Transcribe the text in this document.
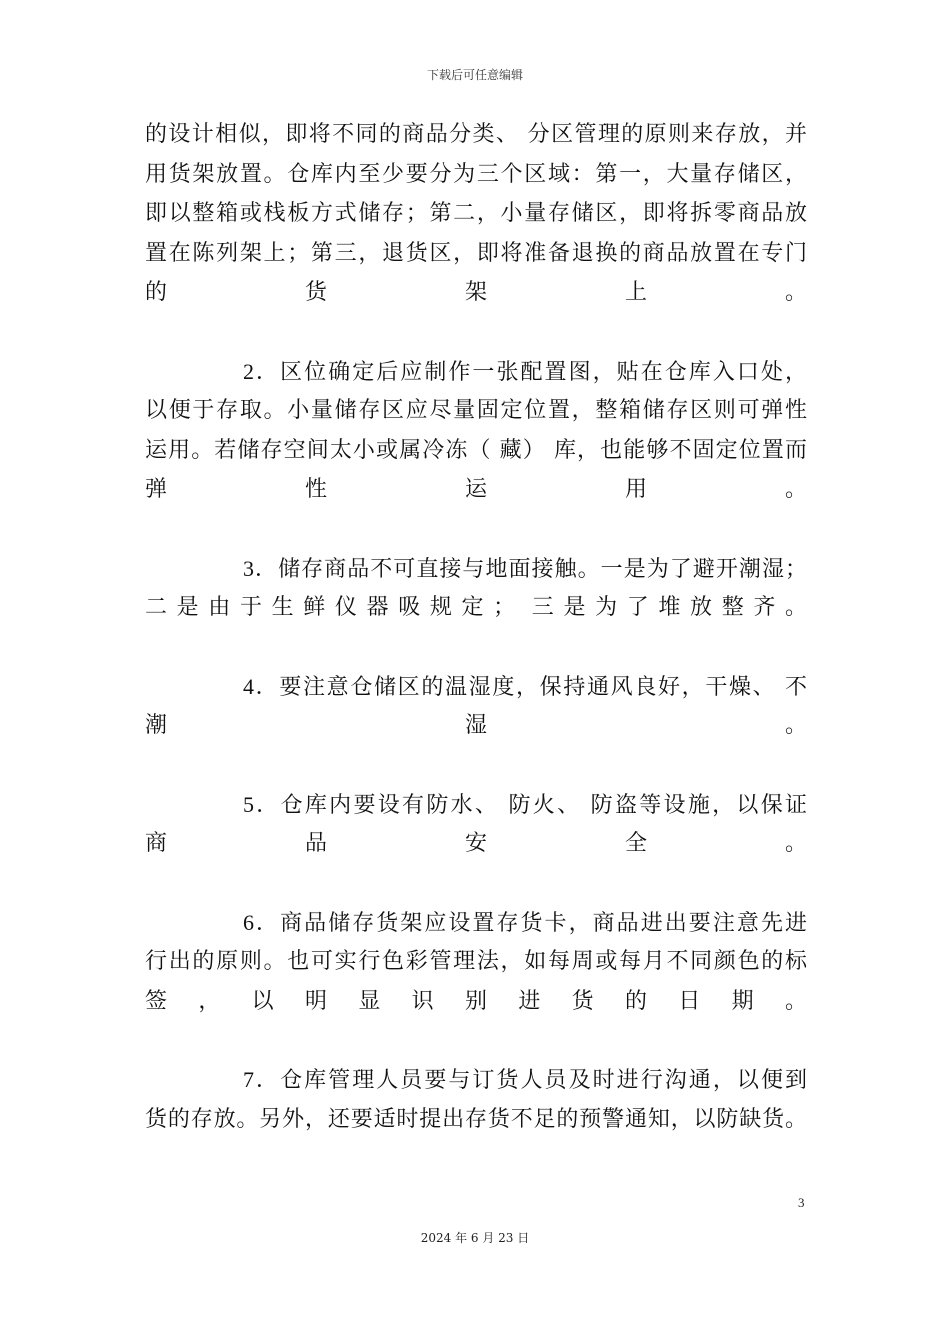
下载后可任意编辑
的设计相似，即将不同的商品分类、 分区管理的原则来存放，并
用货架放置。仓库内至少要分为三个区域：第一，大量存储区，
即以整箱或栈板方式储存；第二，小量存储区，即将拆零商品放
置在陈列架上；第三，退货区，即将准备退换的商品放置在专门
的 货 架 上 。
2．区位确定后应制作一张配置图，贴在仓库入口处，
以便于存取。小量储存区应尽量固定位置，整箱储存区则可弹性
运用。若储存空间太小或属冷冻（ 藏） 库，也能够不固定位置而
弹 性 运 用 。
3．储存商品不可直接与地面接触。一是为了避开潮湿；
二是由于生鲜仪器吸规定； 三是为了堆放整齐。
4．要注意仓储区的温湿度，保持通风良好，干燥、 不
潮 湿 。
5．仓库内要设有防水、 防火、 防盗等设施，以保证
商 品 安 全 。
6．商品储存货架应设置存货卡，商品进出要注意先进
行出的原则。也可实行色彩管理法，如每周或每月不同颜色的标
签 ， 以 明 显 识 别 进 货 的 日 期 。
7．仓库管理人员要与订货人员及时进行沟通，以便到
货的存放。另外，还要适时提出存货不足的预警通知，以防缺货。
3
2024 年 6 月 23 日
